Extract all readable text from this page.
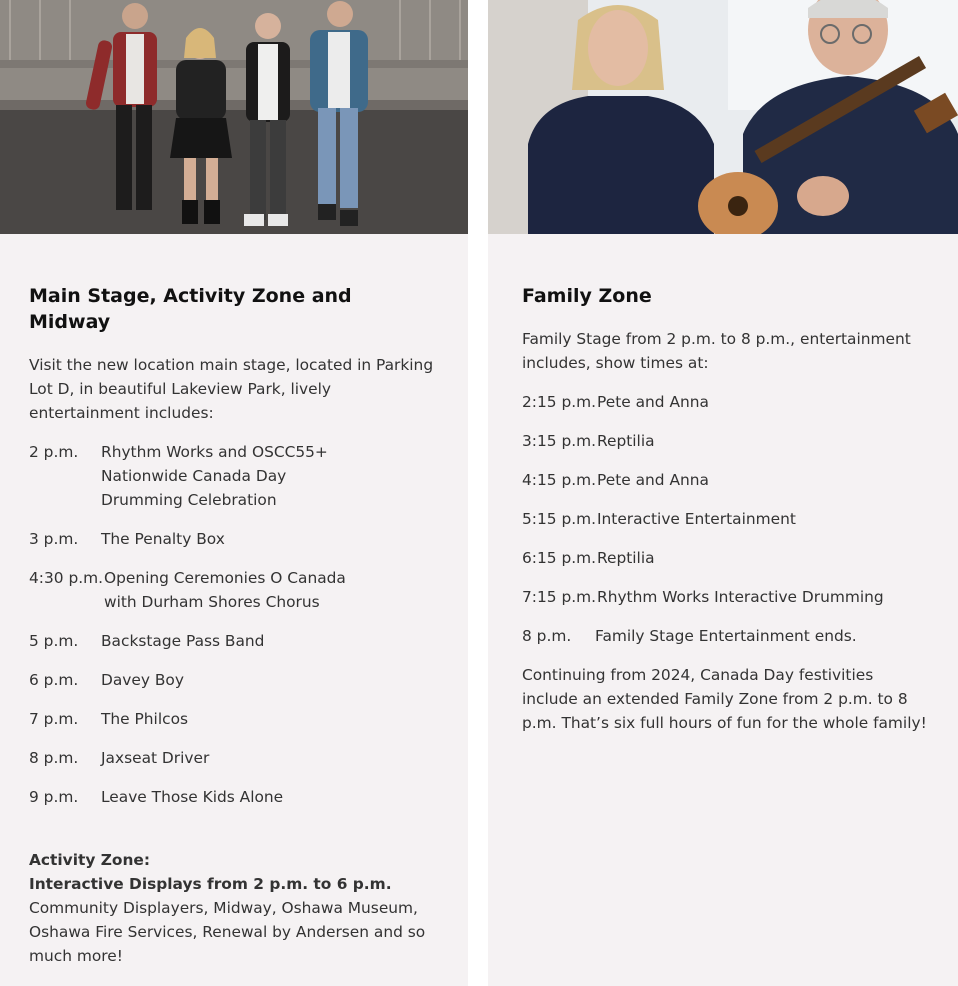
Main Stage, Activity Zone and Midway

Visit the new location main stage, located in Parking Lot D, in beautiful Lakeview Park, lively entertainment includes:

2 p.m.	Rhythm Works and OSCC55+ Nationwide Canada Day Drumming Celebration
3 p.m.	The Penalty Box
4:30 p.m. Opening Ceremonies O Canada with Durham Shores Chorus
5 p.m.	Backstage Pass Band
6 p.m.	Davey Boy
7 p.m.	The Philcos
8 p.m.	Jaxseat Driver
9 p.m.	Leave Those Kids Alone
Activity Zone:
Interactive Displays from 2 p.m. to 6 p.m.
Community Displayers, Midway, Oshawa Museum, Oshawa Fire Services, Renewal by Andersen and so much more!
Family Zone

Family Stage from 2 p.m. to 8 p.m., entertainment includes, show times at:

2:15 p.m. Pete and Anna
3:15 p.m. Reptilia
4:15 p.m. Pete and Anna
5:15 p.m. Interactive Entertainment
6:15 p.m. Reptilia
7:15 p.m. Rhythm Works Interactive Drumming
8 p.m.	Family Stage Entertainment ends.

Continuing from 2024, Canada Day festivities include an extended Family Zone from 2 p.m. to 8 p.m. That’s six full hours of fun for the whole family!
